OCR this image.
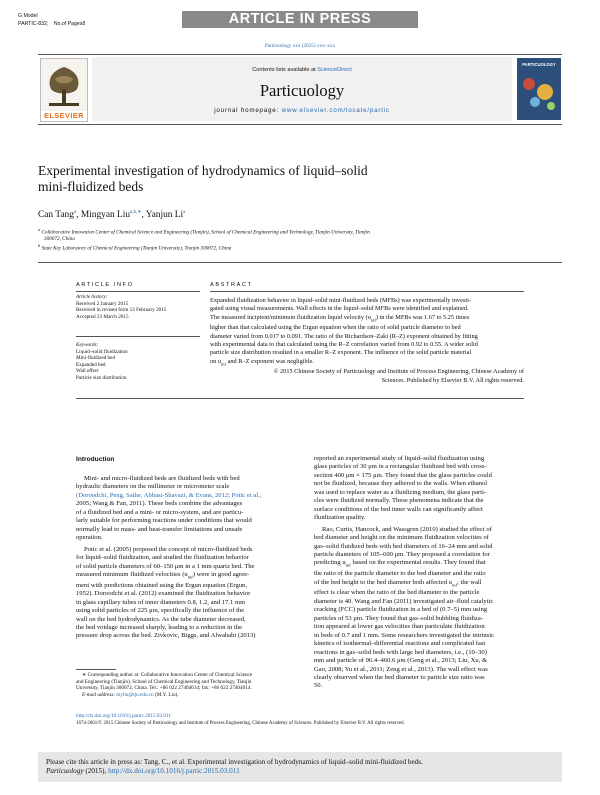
G Model
PARTIC-832; No.of Pages8	ARTICLE IN PRESS
Particuology xxx (2015) xxx–xxx
ELSEVIER
Contents lists available at ScienceDirect
Particuology
journal homepage: www.elsevier.com/locate/partic
PARTICUOLOGY
Experimental investigation of hydrodynamics of liquid–solid
mini-fluidized beds
Can Tang$^a$, Mingyan Liu$^{a,b,∗}$, Yanjun Li$^a$
$^a$ Collaborative Innovation Center of Chemical Science and Engineering (Tianjin), School of Chemical Engineering and Technology, Tianjin University, Tianjin
300072, China
$^b$ State Key Laboratory of Chemical Engineering (Tianjin University), Tianjin 300072, China
ARTICLE INFO
Article history:
Received 2 January 2015
Received in revised form 13 February 2015
Accepted 23 March 2015
Keywords:
Liquid–solid fluidization
Mini-fluidized bed
Expanded bed
Wall effect
Particle size distribution
ABSTRACT
Expanded fluidization behavior in liquid–solid mini-fluidized beds (MFBs) was experimentally investi-
gated using visual measurements. Wall effects in the liquid–solid MFBs were identified and explained.
The measured incipient/minimum fluidization liquid velocity $(u_{mf})$ in the MFBs was 1.67 to 5.25 times
higher than that calculated using the Ergun equation when the ratio of solid particle diameter to bed
diameter varied from 0.017 to 0.091. The ratio of the Richardson–Zaki (R–Z) exponent obtained by fitting
with experimental data to that calculated using the R–Z correlation varied from 0.92 to 0.55. A wider solid
particle size distribution resulted in a smaller R–Z exponent. The influence of the solid particle material
on $u_{mf}$ and R–Z exponent was negligible.
© 2015 Chinese Society of Particuology and Institute of Process Engineering, Chinese Academy of
Sciences. Published by Elsevier B.V. All rights reserved.
Introduction
Mini- and micro-fluidized beds are fluidized beds with bed
hydraulic diameters on the millimeter or micrometer scale
(Doroodchi, Peng, Sathe, Abbasi-Shavazi, & Evans, 2012; Potic et al.,
2005; Wang & Fan, 2011). These beds combine the advantages
of a fluidized bed and a mini- or micro-system, and are particu-
larly suitable for performing reactions under conditions that would
normally lead to mass- and heat-transfer limitations and unsafe
operation.
Potic et al. (2005) proposed the concept of micro-fluidized beds
for liquid–solid fluidization, and studied the fluidization behavior
of solid particle diameters of 60–150 μm in a 1 mm quartz bed. The
measured minimum fluidized velocities $(u_{mf})$ were in good agree-
ment with predictions obtained using the Ergun equation (Ergun,
1952). Doroodchi et al. (2012) examined the fluidization behavior
in glass capillary tubes of inner diameters 0.8, 1.2, and 17.1 mm
using solid particles of 225 μm, specifically the influence of the
wall on the bed hydrodynamics. As the tube diameter decreased,
the bed voidage increased sharply, leading to a reduction in the
pressure drop across the bed. Zivkovic, Biggs, and Alwahabi (2013)
∗ Corresponding author at: Collaborative Innovation Center of Chemical Science
and Engineering (Tianjin), School of Chemical Engineering and Technology, Tianjin
University, Tianjin 300072, China. Tel.: +86 022 27404614; fax: +86 022 27404614.
E-mail address: myliu@tju.edu.cn (M.Y. Liu).
reported an experimental study of liquid–solid fluidization using
glass particles of 30 μm in a rectangular fluidized bed with cross-
section 400 μm × 175 μm. They found that the glass particles could
not be fluidized, because they adhered to the walls. When ethanol
was used to replace water as a fluidizing medium, the glass parti-
cles were fluidized normally. These phenomena indicate that the
surface conditions of the bed inner walls can significantly affect
fluidization quality.
Rao, Curtis, Hancock, and Wassgren (2010) studied the effect of
bed diameter and height on the minimum fluidization velocities of
gas–solid fluidized beds with bed diameters of 16–24 mm and solid
particle diameters of 105–600 μm. They proposed a correlation for
predicting $u_{mf}$ based on the experimental results. They found that
the ratio of the particle diameter to the bed diameter and the ratio
of the bed height to the bed diameter both affected $u_{mf}$; the wall
effect is clear when the ratio of the bed diameter to the particle
diameter is 40. Wang and Fan (2011) investigated air–fluid catalytic
cracking (FCC) particle fluidization in a bed of (0.7–5) mm using
particles of 53 μm. They found that gas–solid bubbling fluidiza-
tion appeared at lower gas velocities than particulate fluidization
in beds of 0.7 and 1 mm. Some researchers investigated the intrinsic
kinetics of isothermal–differential reactions and complicated fast
reactions in gas–solid beds with large bed diameters, i.e., (10–30)
mm and particle of 96.4–460.6 μm (Geng et al., 2013; Liu, Xu, &
Gao, 2008; Yu et al., 2011; Zeng et al., 2013). The wall effect was
clearly observed when the bed diameter to particle size ratio was
50.
http://dx.doi.org/10.1016/j.partic.2015.03.011
1674-2001/© 2015 Chinese Society of Particuology and Institute of Process Engineering, Chinese Academy of Sciences. Published by Elsevier B.V. All rights reserved.
Please cite this article in press as: Tang, C., et al. Experimental investigation of hydrodynamics of liquid–solid mini-fluidized beds.
Particuology (2015), http://dx.doi.org/10.1016/j.partic.2015.03.011
